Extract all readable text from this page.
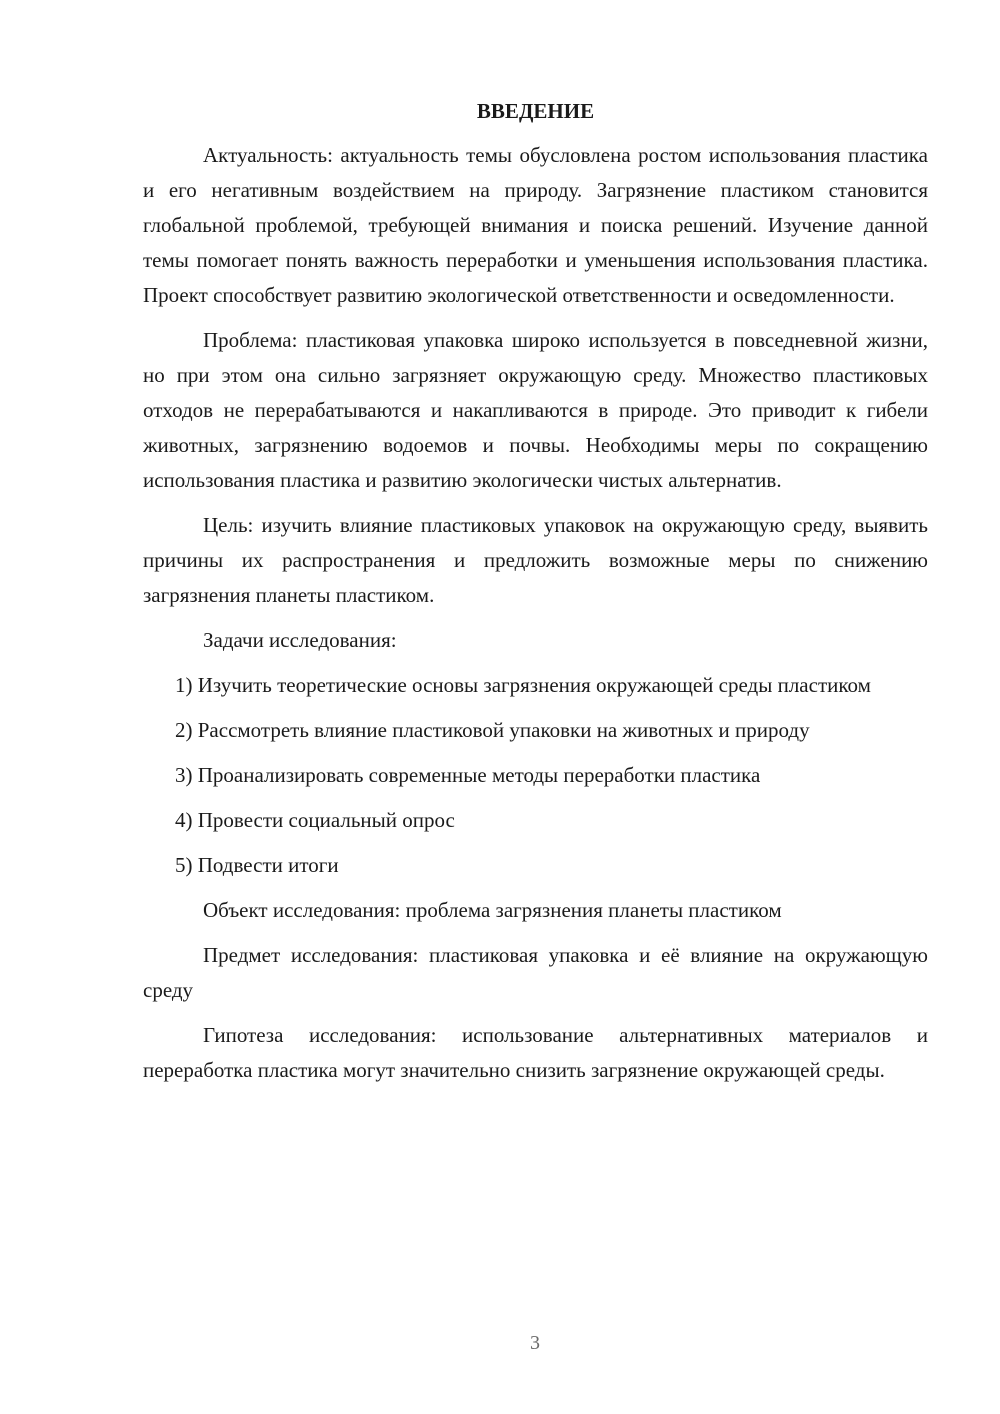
ВВЕДЕНИЕ

Актуальность: актуальность темы обусловлена ростом использования пластика и его негативным воздействием на природу. Загрязнение пластиком становится глобальной проблемой, требующей внимания и поиска решений. Изучение данной темы помогает понять важность переработки и уменьшения использования пластика. Проект способствует развитию экологической ответственности и осведомленности.

Проблема: пластиковая упаковка широко используется в повседневной жизни, но при этом она сильно загрязняет окружающую среду. Множество пластиковых отходов не перерабатываются и накапливаются в природе. Это приводит к гибели животных, загрязнению водоемов и почвы. Необходимы меры по сокращению использования пластика и развитию экологически чистых альтернатив.

Цель: изучить влияние пластиковых упаковок на окружающую среду, выявить причины их распространения и предложить возможные меры по снижению загрязнения планеты пластиком.

Задачи исследования:

1) Изучить теоретические основы загрязнения окружающей среды пластиком

2) Рассмотреть влияние пластиковой упаковки на животных и природу

3) Проанализировать современные методы переработки пластика

4) Провести социальный опрос

5) Подвести итоги

Объект исследования: проблема загрязнения планеты пластиком

Предмет исследования: пластиковая упаковка и её влияние на окружающую среду

Гипотеза исследования: использование альтернативных материалов и переработка пластика могут значительно снизить загрязнение окружающей среды.

3
